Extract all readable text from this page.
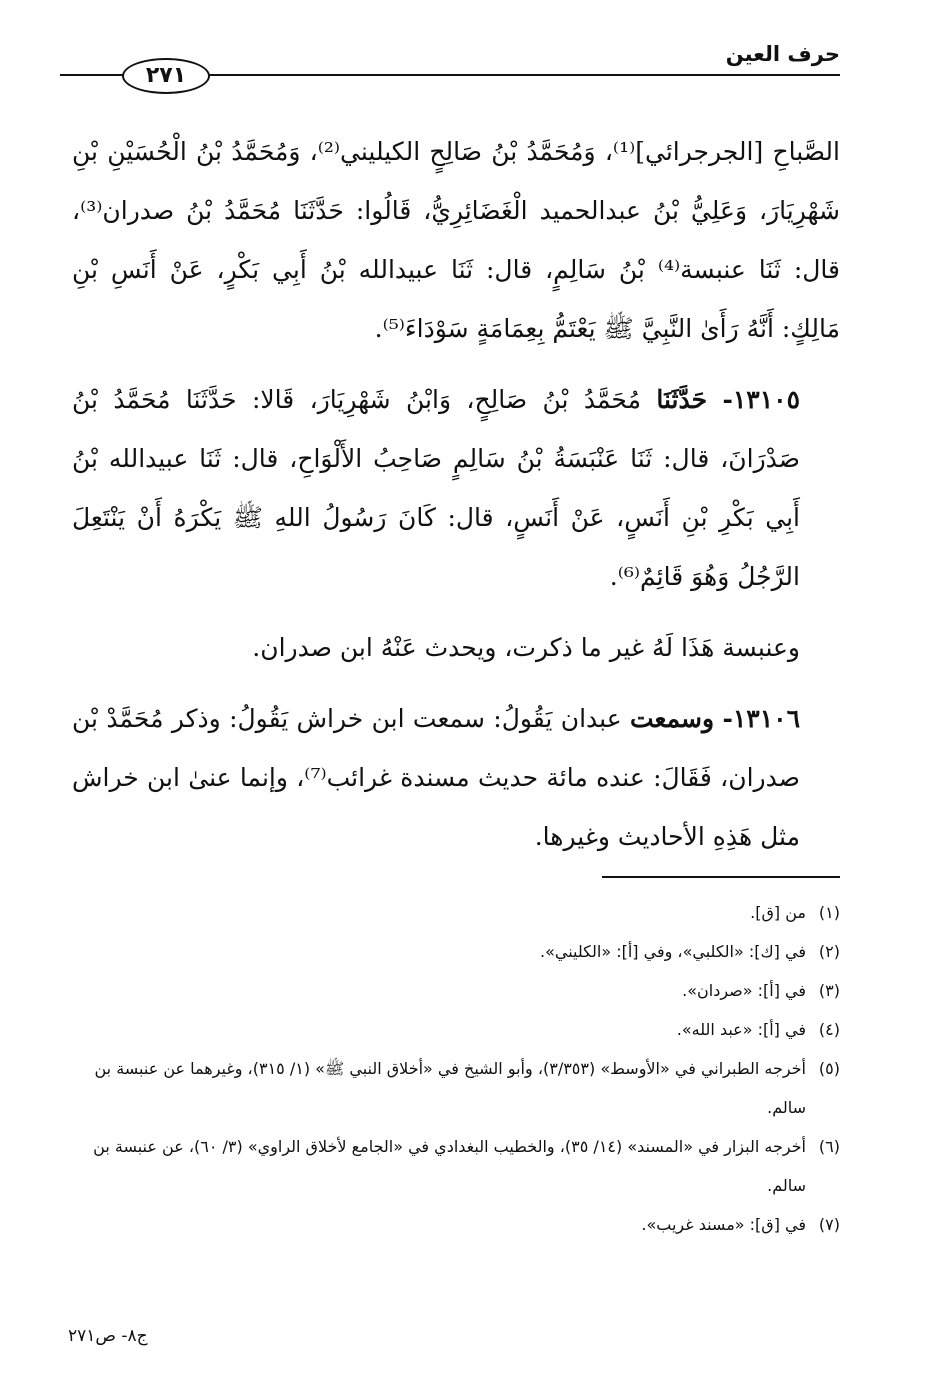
حرف العين
٢٧١

الصَّباحِ [الجرجرائي]⁽¹⁾، وَمُحَمَّدُ بْنُ صَالِحٍ الكيليني⁽²⁾، وَمُحَمَّدُ بْنُ الْحُسَيْنِ بْنِ شَهْرِيَارَ، وَعَلِيُّ بْنُ عبدالحميد الْغَضَائِرِيُّ، قَالُوا: حَدَّثَنَا مُحَمَّدُ بْنُ صدران⁽³⁾، قال: ثَنَا عنبسة⁽⁴⁾ بْنُ سَالِمٍ، قال: ثَنَا عبيدالله بْنُ أَبِي بَكْرٍ، عَنْ أَنَسِ بْنِ مَالِكٍ: أَنَّهُ رَأَىٰ النَّبِيَّ ﷺ يَعْتَمُّ بِعِمَامَةٍ سَوْدَاءَ⁽⁵⁾.

١٣١٠٥- حَدَّثَنَا مُحَمَّدُ بْنُ صَالِحٍ، وَابْنُ شَهْرِيَارَ، قَالا: حَدَّثَنَا مُحَمَّدُ بْنُ صَدْرَانَ، قال: ثَنَا عَنْبَسَةُ بْنُ سَالِمٍ صَاحِبُ الأَلْوَاحِ، قال: ثَنَا عبيدالله بْنُ أَبِي بَكْرِ بْنِ أَنَسٍ، عَنْ أَنَسٍ، قال: كَانَ رَسُولُ اللهِ ﷺ يَكْرَهُ أَنْ يَنْتَعِلَ الرَّجُلُ وَهُوَ قَائِمٌ⁽⁶⁾.

وعنبسة هَذَا لَهُ غير ما ذكرت، ويحدث عَنْهُ ابن صدران.

١٣١٠٦- وسمعت عبدان يَقُولُ: سمعت ابن خراش يَقُولُ: وذكر مُحَمَّدْ بْن صدران، فَقَالَ: عنده مائة حديث مسندة غرائب⁽⁷⁾، وإنما عنىٰ ابن خراش مثل هَذِهِ الأحاديث وغيرها.

(١)
من [ق].
(٢)
في [ك]: «الكلبي»، وفي [أ]: «الكليني».
(٣)
في [أ]: «صردان».
(٤)
في [أ]: «عبد الله».
(٥)
أخرجه الطبراني في «الأوسط» (٣/٣٥٣)، وأبو الشيخ في «أخلاق النبي ﷺ» (١/ ٣١٥)، وغيرهما عن عنبسة بن سالم.
(٦)
أخرجه البزار في «المسند» (١٤/ ٣٥)، والخطيب البغدادي في «الجامع لأخلاق الراوي» (٣/ ٦٠)، عن عنبسة بن سالم.
(٧)
في [ق]: «مسند غريب».
ج٨- ص٢٧١
